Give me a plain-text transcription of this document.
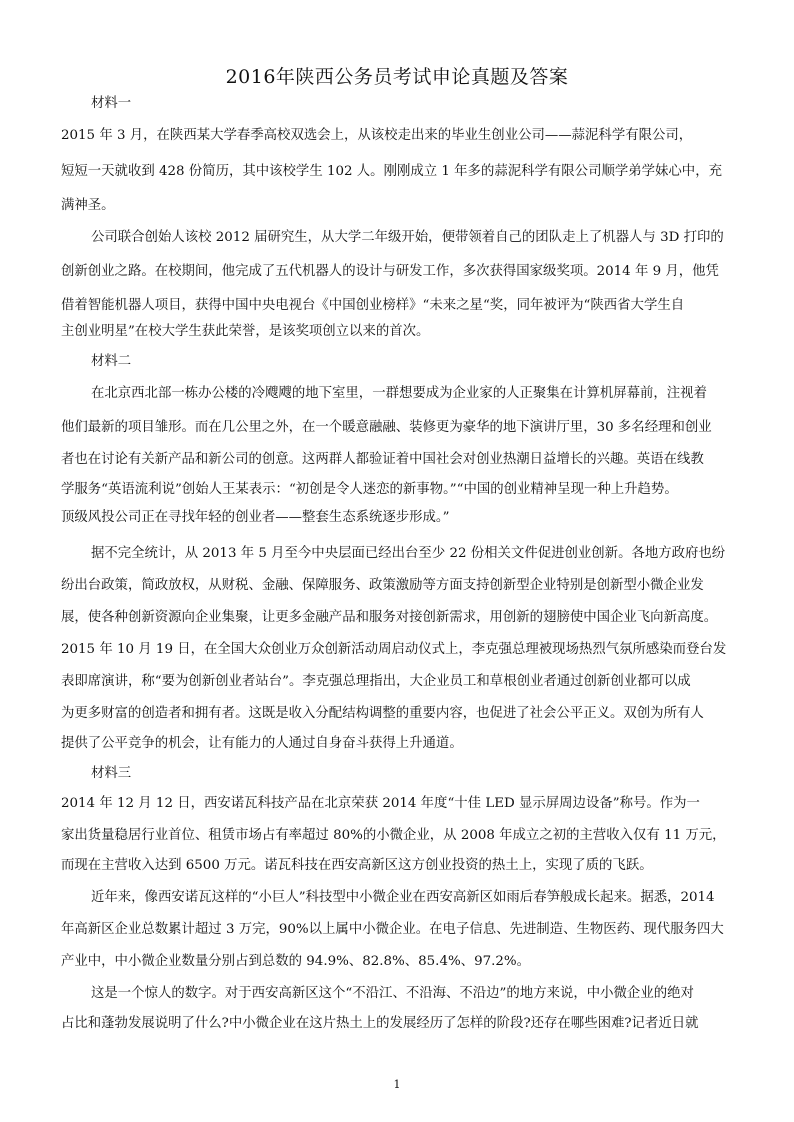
2016年陕西公务员考试申论真题及答案

材料一

2015 年 3 月，在陕西某大学春季高校双选会上，从该校走出来的毕业生创业公司——蒜泥科学有限公司，

短短一天就收到 428 份简历，其中该校学生 102 人。刚刚成立 1 年多的蒜泥科学有限公司顺学弟学妹心中，充

满神圣。

公司联合创始人该校 2012 届研究生，从大学二年级开始，便带领着自己的团队走上了机器人与 3D 打印的

创新创业之路。在校期间，他完成了五代机器人的设计与研发工作，多次获得国家级奖项。2014 年 9 月，他凭

借着智能机器人项目，获得中国中央电视台《中国创业榜样》“未来之星“奖，同年被评为“陕西省大学生自

主创业明星”在校大学生获此荣誉，是该奖项创立以来的首次。

材料二

在北京西北部一栋办公楼的冷飕飕的地下室里，一群想要成为企业家的人正聚集在计算机屏幕前，注视着

他们最新的项目雏形。而在几公里之外，在一个暖意融融、装修更为豪华的地下演讲厅里，30 多名经理和创业

者也在讨论有关新产品和新公司的创意。这两群人都验证着中国社会对创业热潮日益增长的兴趣。英语在线教

学服务“英语流利说”创始人王某表示：“初创是令人迷恋的新事物。”“中国的创业精神呈现一种上升趋势。

顶级风投公司正在寻找年轻的创业者——整套生态系统逐步形成。”

据不完全统计，从 2013 年 5 月至今中央层面已经出台至少 22 份相关文件促进创业创新。各地方政府也纷

纷出台政策，简政放权，从财税、金融、保障服务、政策激励等方面支持创新型企业特别是创新型小微企业发

展，使各种创新资源向企业集聚，让更多金融产品和服务对接创新需求，用创新的翅膀使中国企业飞向新高度。

2015 年 10 月 19 日，在全国大众创业万众创新活动周启动仪式上，李克强总理被现场热烈气氛所感染而登台发

表即席演讲，称“要为创新创业者站台”。李克强总理指出，大企业员工和草根创业者通过创新创业都可以成

为更多财富的创造者和拥有者。这既是收入分配结构调整的重要内容，也促进了社会公平正义。双创为所有人

提供了公平竞争的机会，让有能力的人通过自身奋斗获得上升通道。

材料三

2014 年 12 月 12 日，西安诺瓦科技产品在北京荣获 2014 年度“十佳 LED 显示屏周边设备”称号。作为一

家出货量稳居行业首位、租赁市场占有率超过 80%的小微企业，从 2008 年成立之初的主营收入仅有 11 万元，

而现在主营收入达到 6500 万元。诺瓦科技在西安高新区这方创业投资的热土上，实现了质的飞跃。

近年来，像西安诺瓦这样的“小巨人”科技型中小微企业在西安高新区如雨后春笋般成长起来。据悉，2014

年高新区企业总数累计超过 3 万完，90%以上属中小微企业。在电子信息、先进制造、生物医药、现代服务四大

产业中，中小微企业数量分别占到总数的 94.9%、82.8%、85.4%、97.2%。

这是一个惊人的数字。对于西安高新区这个“不沿江、不沿海、不沿边”的地方来说，中小微企业的绝对

占比和蓬勃发展说明了什么?中小微企业在这片热土上的发展经历了怎样的阶段?还存在哪些困难?记者近日就

1
